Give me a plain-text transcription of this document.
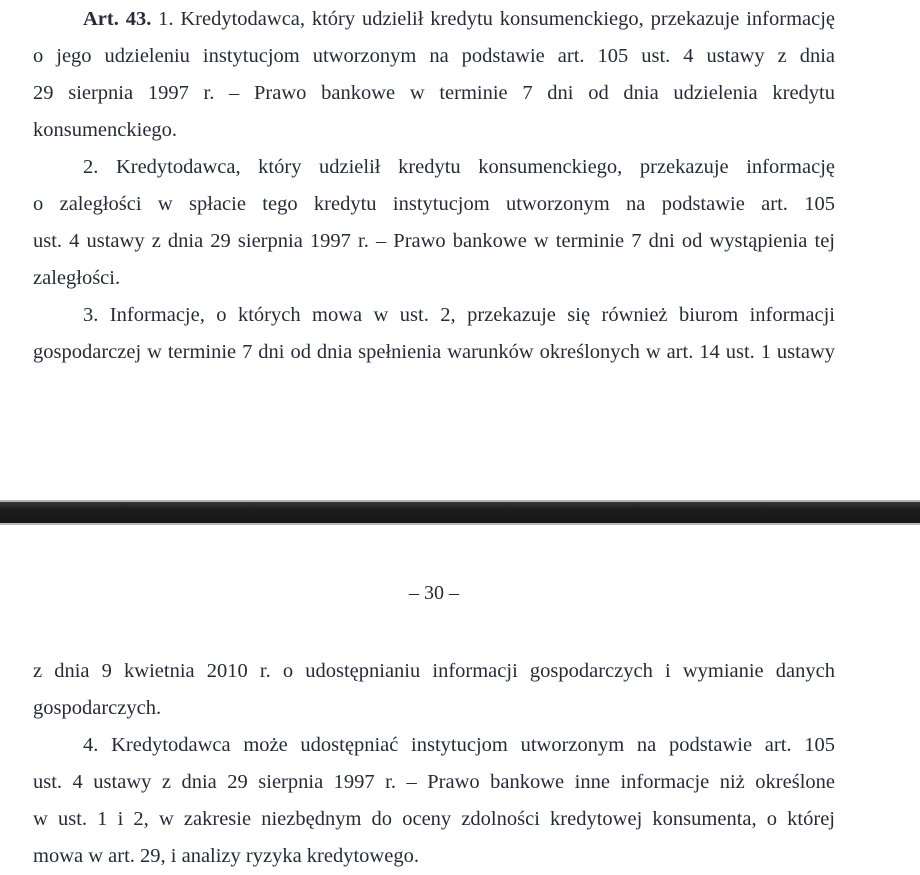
Art. 43. 1. Kredytodawca, który udzielił kredytu konsumenckiego, przekazuje informację
o jego udzieleniu instytucjom utworzonym na podstawie art. 105 ust. 4 ustawy z dnia
29 sierpnia 1997 r. – Prawo bankowe w terminie 7 dni od dnia udzielenia kredytu
konsumenckiego.
2. Kredytodawca, który udzielił kredytu konsumenckiego, przekazuje informację
o zaległości w spłacie tego kredytu instytucjom utworzonym na podstawie art. 105
ust. 4 ustawy z dnia 29 sierpnia 1997 r. – Prawo bankowe w terminie 7 dni od wystąpienia tej
zaległości.
3. Informacje, o których mowa w ust. 2, przekazuje się również biurom informacji
gospodarczej w terminie 7 dni od dnia spełnienia warunków określonych w art. 14 ust. 1 ustawy
– 30 –
z dnia 9 kwietnia 2010 r. o udostępnianiu informacji gospodarczych i wymianie danych
gospodarczych.
4. Kredytodawca może udostępniać instytucjom utworzonym na podstawie art. 105
ust. 4 ustawy z dnia 29 sierpnia 1997 r. – Prawo bankowe inne informacje niż określone
w ust. 1 i 2, w zakresie niezbędnym do oceny zdolności kredytowej konsumenta, o której
mowa w art. 29, i analizy ryzyka kredytowego.
